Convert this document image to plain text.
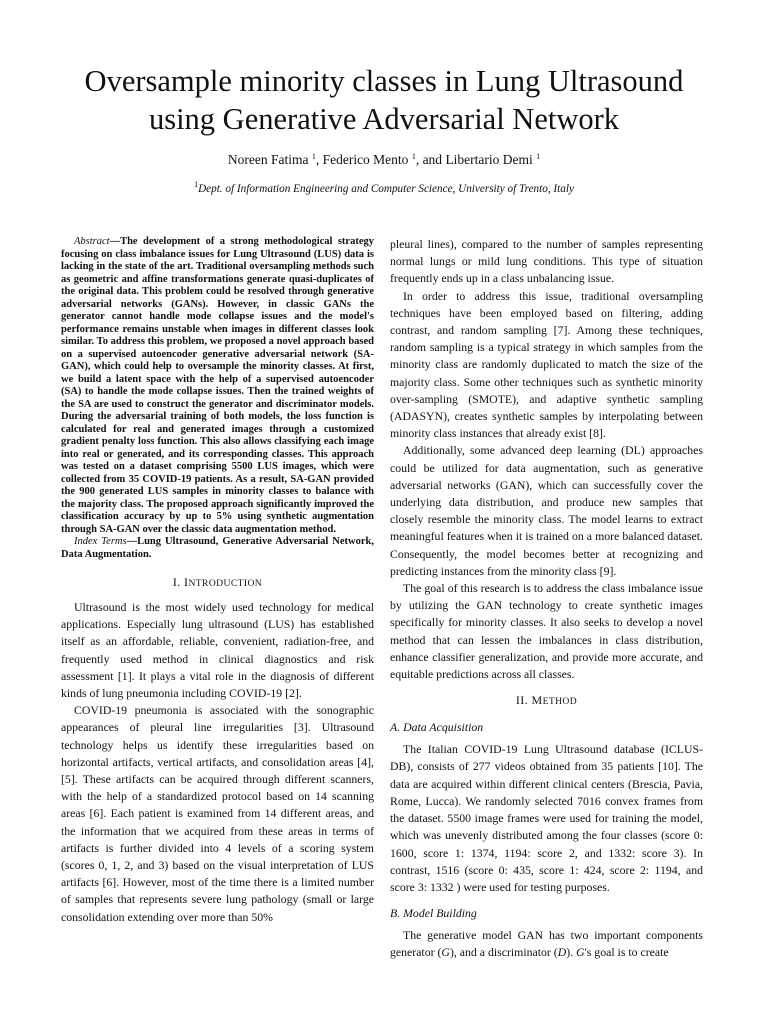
Oversample minority classes in Lung Ultrasound
using Generative Adversarial Network
Noreen Fatima $^1$, Federico Mento $^1$, and Libertario Demi $^1$
$^1$Dept. of Information Engineering and Computer Science, University of Trento, Italy

Abstract—The development of a strong methodological strategy focusing on class imbalance issues for Lung Ultrasound (LUS) data is lacking in the state of the art. Traditional oversampling methods such as geometric and affine transformations generate quasi-duplicates of the original data. This problem could be resolved through generative adversarial networks (GANs). However, in classic GANs the generator cannot handle mode collapse issues and the model's performance remains unstable when images in different classes look similar. To address this problem, we proposed a novel approach based on a supervised autoencoder generative adversarial network (SA-GAN), which could help to oversample the minority classes. At first, we build a latent space with the help of a supervised autoencoder (SA) to handle the mode collapse issues. Then the trained weights of the SA are used to construct the generator and discriminator models. During the adversarial training of both models, the loss function is calculated for real and generated images through a customized gradient penalty loss function. This also allows classifying each image into real or generated, and its corresponding classes. This approach was tested on a dataset comprising 5500 LUS images, which were collected from 35 COVID-19 patients. As a result, SA-GAN provided the 900 generated LUS samples in minority classes to balance with the majority class. The proposed approach significantly improved the classification accuracy by up to 5% using synthetic augmentation through SA-GAN over the classic data augmentation method.

Index Terms—Lung Ultrasound, Generative Adversarial Network, Data Augmentation.

I. INTRODUCTION

Ultrasound is the most widely used technology for medical applications. Especially lung ultrasound (LUS) has established itself as an affordable, reliable, convenient, radiation-free, and frequently used method in clinical diagnostics and risk assessment [1]. It plays a vital role in the diagnosis of different kinds of lung pneumonia including COVID-19 [2].

COVID-19 pneumonia is associated with the sonographic appearances of pleural line irregularities [3]. Ultrasound technology helps us identify these irregularities based on horizontal artifacts, vertical artifacts, and consolidation areas [4], [5]. These artifacts can be acquired through different scanners, with the help of a standardized protocol based on 14 scanning areas [6]. Each patient is examined from 14 different areas, and the information that we acquired from these areas in terms of artifacts is further divided into 4 levels of a scoring system (scores 0, 1, 2, and 3) based on the visual interpretation of LUS artifacts [6]. However, most of the time there is a limited number of samples that represents severe lung pathology (small or large consolidation extending over more than 50%

pleural lines), compared to the number of samples representing normal lungs or mild lung conditions. This type of situation frequently ends up in a class unbalancing issue.

In order to address this issue, traditional oversampling techniques have been employed based on filtering, adding contrast, and random sampling [7]. Among these techniques, random sampling is a typical strategy in which samples from the minority class are randomly duplicated to match the size of the majority class. Some other techniques such as synthetic minority over-sampling (SMOTE), and adaptive synthetic sampling (ADASYN), creates synthetic samples by interpolating between minority class instances that already exist [8].

Additionally, some advanced deep learning (DL) approaches could be utilized for data augmentation, such as generative adversarial networks (GAN), which can successfully cover the underlying data distribution, and produce new samples that closely resemble the minority class. The model learns to extract meaningful features when it is trained on a more balanced dataset. Consequently, the model becomes better at recognizing and predicting instances from the minority class [9].

The goal of this research is to address the class imbalance issue by utilizing the GAN technology to create synthetic images specifically for minority classes. It also seeks to develop a novel method that can lessen the imbalances in class distribution, enhance classifier generalization, and provide more accurate, and equitable predictions across all classes.

II. METHOD
A. Data Acquisition

The Italian COVID-19 Lung Ultrasound database (ICLUS-DB), consists of 277 videos obtained from 35 patients [10]. The data are acquired within different clinical centers (Brescia, Pavia, Rome, Lucca). We randomly selected 7016 convex frames from the dataset. 5500 image frames were used for training the model, which was unevenly distributed among the four classes (score 0: 1600, score 1: 1374, 1194: score 2, and 1332: score 3). In contrast, 1516 (score 0: 435, score 1: 424, score 2: 1194, and score 3: 1332 ) were used for testing purposes.

B. Model Building

The generative model GAN has two important components generator (G), and a discriminator (D). G's goal is to create
